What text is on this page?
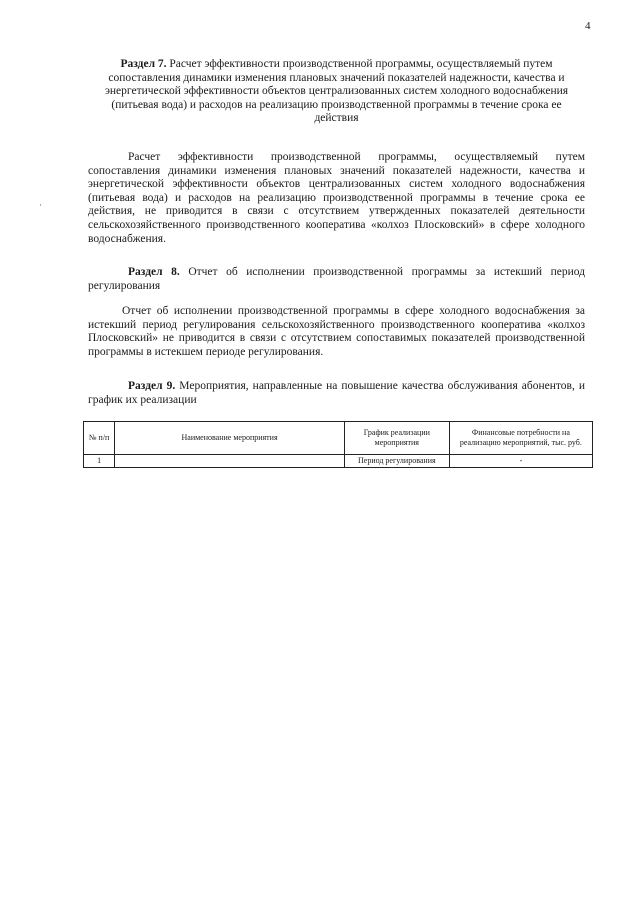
4
·
Раздел 7. Расчет эффективности производственной программы, осуществляемый путем сопоставления динамики изменения плановых значений показателей надежности, качества и энергетической эффективности объектов централизованных систем холодного водоснабжения (питьевая вода) и расходов на реализацию производственной программы в течение срока ее действия
Расчет эффективности производственной программы, осуществляемый путем сопоставления динамики изменения плановых значений показателей надежности, качества и энергетической эффективности объектов централизованных систем холодного водоснабжения (питьевая вода) и расходов на реализацию производственной программы в течение срока ее действия, не приводится в связи с отсутствием утвержденных показателей деятельности сельскохозяйственного производственного кооператива «колхоз Плосковский» в сфере холодного водоснабжения.
Раздел 8. Отчет об исполнении производственной программы за истекший период регулирования
Отчет об исполнении производственной программы в сфере холодного водоснабжения за истекший период регулирования сельскохозяйственного производственного кооператива «колхоз Плосковский» не приводится в связи с отсутствием сопоставимых показателей производственной программы в истекшем периоде регулирования.
Раздел 9. Мероприятия, направленные на повышение качества обслуживания абонентов, и график их реализации
№ п/п	Наименование мероприятия	График реализации мероприятия	Финансовые потребности на реализацию мероприятий, тыс. руб.
1		Период регулирования	-
